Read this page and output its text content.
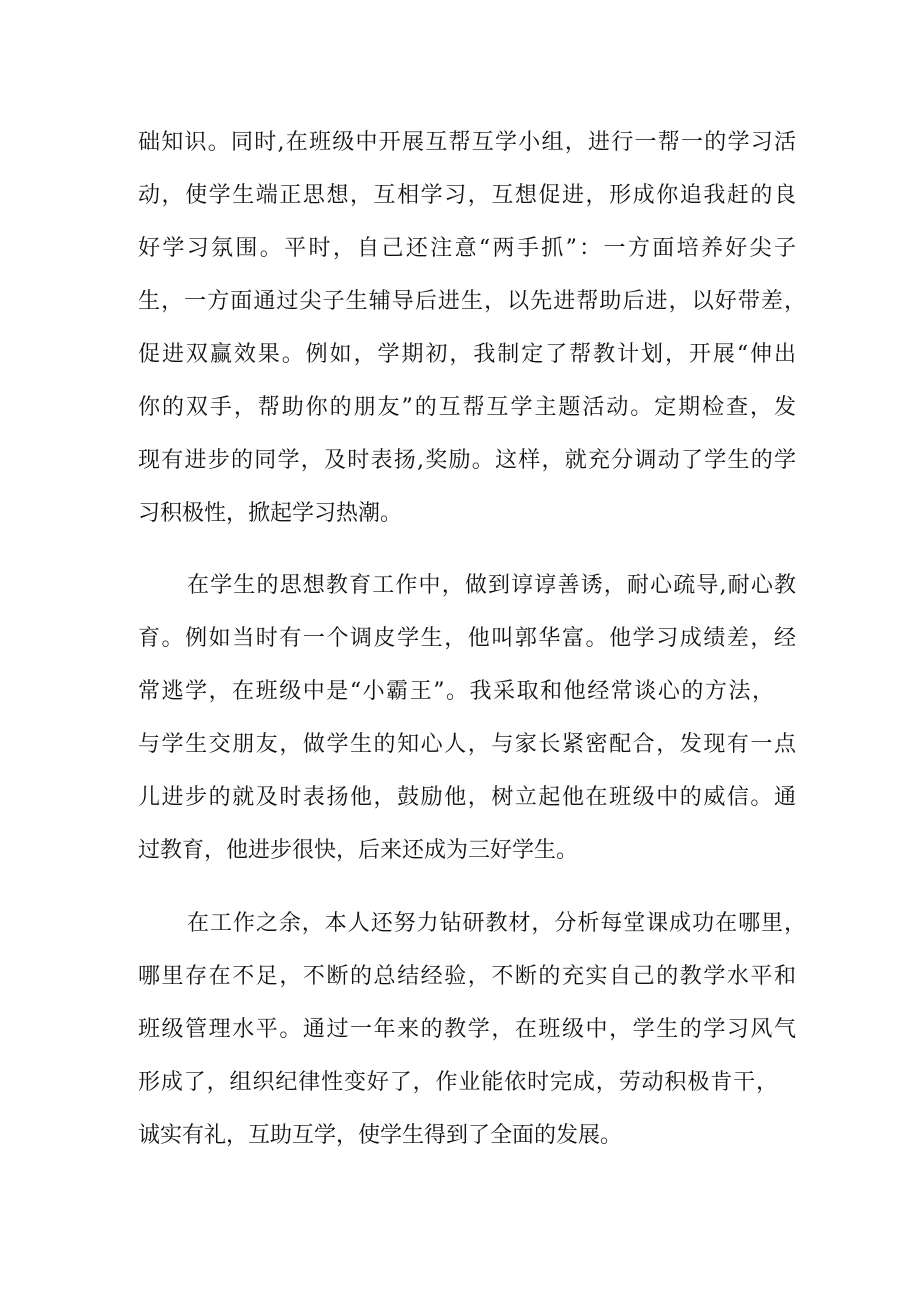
础知识。同时,在班级中开展互帮互学小组，进行一帮一的学习活
动，使学生端正思想，互相学习，互想促进，形成你追我赶的良
好学习氛围。平时，自己还注意“两手抓”：一方面培养好尖子
生，一方面通过尖子生辅导后进生，以先进帮助后进，以好带差，
促进双赢效果。例如，学期初，我制定了帮教计划，开展“伸出
你的双手，帮助你的朋友”的互帮互学主题活动。定期检查，发
现有进步的同学，及时表扬,奖励。这样，就充分调动了学生的学
习积极性，掀起学习热潮。
在学生的思想教育工作中，做到谆谆善诱，耐心疏导,耐心教
育。例如当时有一个调皮学生，他叫郭华富。他学习成绩差，经
常逃学，在班级中是“小霸王”。我采取和他经常谈心的方法，
与学生交朋友，做学生的知心人，与家长紧密配合，发现有一点
儿进步的就及时表扬他，鼓励他，树立起他在班级中的威信。通
过教育，他进步很快，后来还成为三好学生。
在工作之余，本人还努力钻研教材，分析每堂课成功在哪里，
哪里存在不足，不断的总结经验，不断的充实自己的教学水平和
班级管理水平。通过一年来的教学，在班级中，学生的学习风气
形成了，组织纪律性变好了，作业能依时完成，劳动积极肯干，
诚实有礼，互助互学，使学生得到了全面的发展。
